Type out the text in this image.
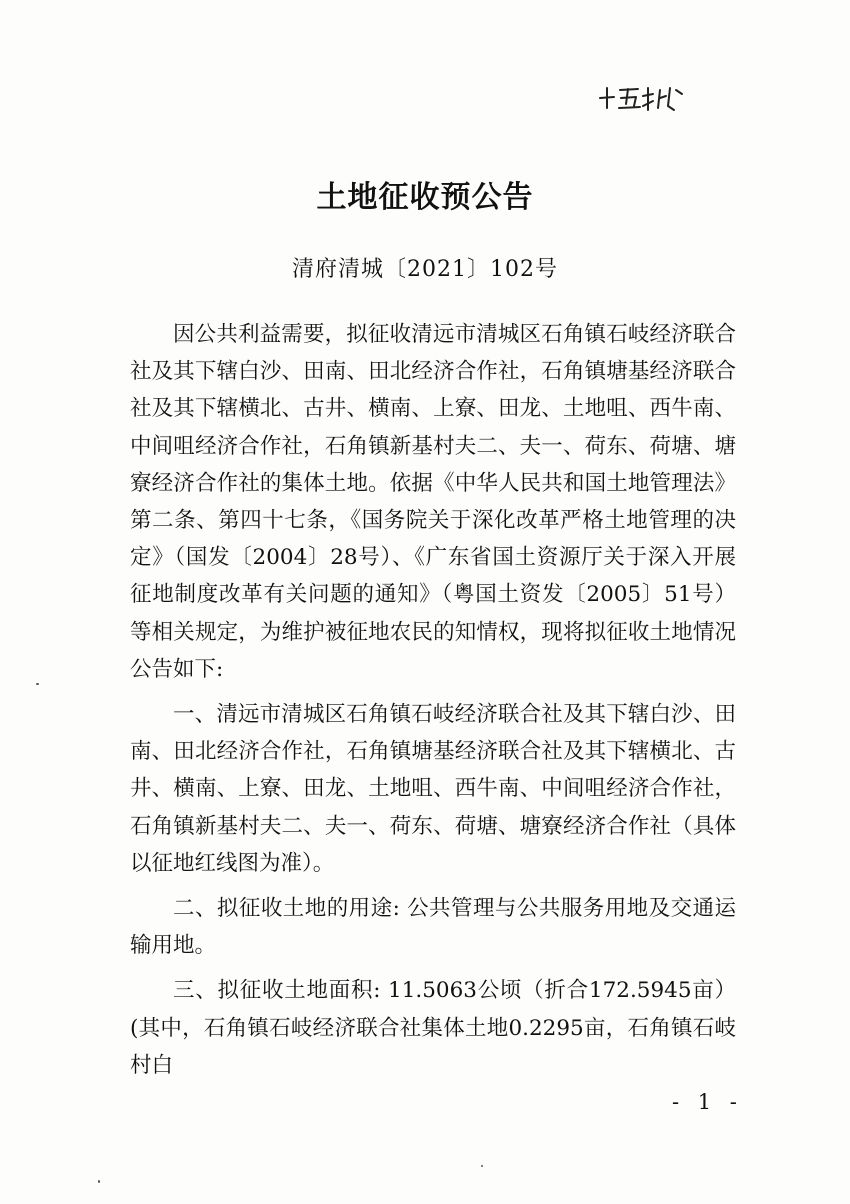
土地征收预公告
清府清城〔2021〕102号

因公共利益需要，拟征收清远市清城区石角镇石岐经济联合社及其下辖白沙、田南、田北经济合作社，石角镇塘基经济联合社及其下辖横北、古井、横南、上寮、田龙、土地咀、西牛南、中间咀经济合作社，石角镇新基村夫二、夫一、荷东、荷塘、塘寮经济合作社的集体土地。依据《中华人民共和国土地管理法》第二条、第四十七条，《国务院关于深化改革严格土地管理的决定》（国发〔2004〕28号）、《广东省国土资源厅关于深入开展征地制度改革有关问题的通知》（粤国土资发〔2005〕51号）等相关规定，为维护被征地农民的知情权，现将拟征收土地情况公告如下:

一、清远市清城区石角镇石岐经济联合社及其下辖白沙、田南、田北经济合作社，石角镇塘基经济联合社及其下辖横北、古井、横南、上寮、田龙、土地咀、西牛南、中间咀经济合作社，石角镇新基村夫二、夫一、荷东、荷塘、塘寮经济合作社（具体以征地红线图为准）。

二、拟征收土地的用途: 公共管理与公共服务用地及交通运输用地。

三、拟征收土地面积: 11.5063公顷（折合172.5945亩）(其中，石角镇石岐经济联合社集体土地0.2295亩，石角镇石岐村白

- 1 -
